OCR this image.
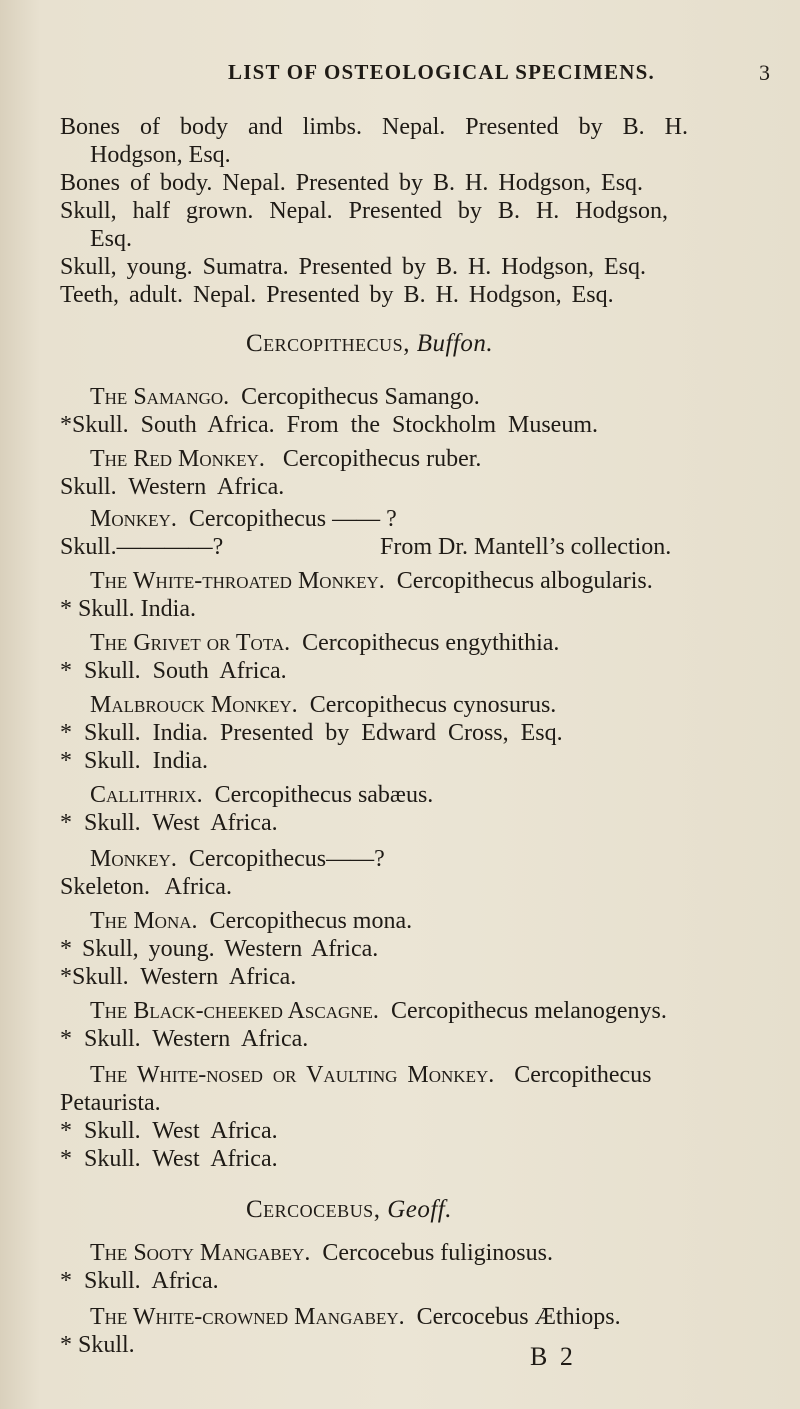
LIST OF OSTEOLOGICAL SPECIMENS.	3
Bones of body and limbs. Nepal. Presented by B. H.
Hodgson, Esq.
Bones of body. Nepal. Presented by B. H. Hodgson, Esq.
Skull, half grown. Nepal. Presented by B. H. Hodgson,
Esq.
Skull, young. Sumatra. Presented by B. H. Hodgson, Esq.
Teeth, adult. Nepal. Presented by B. H. Hodgson, Esq.
Cercopithecus, Buffon.
The Samango. Cercopithecus Samango.
*Skull. South Africa. From the Stockholm Museum.
The Red Monkey. Cercopithecus ruber.
Skull. Western Africa.
Monkey. Cercopithecus —— ?
Skull.————?	From Dr. Mantell’s collection.
The White-throated Monkey. Cercopithecus albogularis.
* Skull. India.
The Grivet or Tota. Cercopithecus engythithia.
* Skull. South Africa.
Malbrouck Monkey. Cercopithecus cynosurus.
* Skull. India. Presented by Edward Cross, Esq.
* Skull. India.
Callithrix. Cercopithecus sabæus.
* Skull. West Africa.
Monkey. Cercopithecus——?
Skeleton. Africa.
The Mona. Cercopithecus mona.
* Skull, young. Western Africa.
*Skull. Western Africa.
The Black-cheeked Ascagne. Cercopithecus melanogenys.
* Skull. Western Africa.
The White-nosed or Vaulting Monkey. Cercopithecus
Petaurista.
* Skull. West Africa.
* Skull. West Africa.
Cercocebus, Geoff.
The Sooty Mangabey. Cercocebus fuliginosus.
* Skull. Africa.
The White-crowned Mangabey. Cercocebus Æthiops.
* Skull.	B 2
